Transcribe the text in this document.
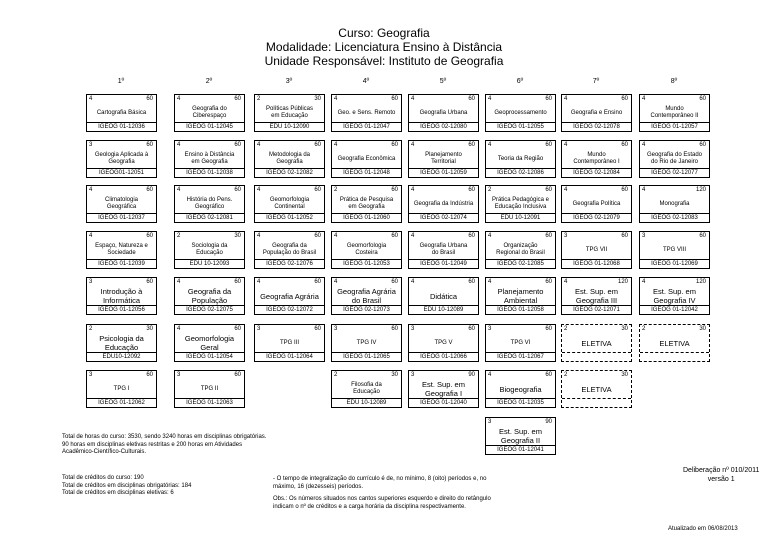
Curso: Geografia
Modalidade: Licenciatura Ensino à Distância
Unidade Responsável: Instituto de Geografia
1º	2º	3º	4º	5º	6º	7º	8º
4	60
Cartografia Básica
IGEOG 01-12036
4	60
Geografia do
Ciberespaço
IGEOG 01-12045
2	30
Políticas Públicas
em Educação
EDU 10-12090
4	60
Geo. e Sens. Remoto
IGEOG 01-12047
4	60
Geografia Urbana
IGEOG 02-12080
4	60
Geoprocessamento
IGEOG 01-12055
4	60
Geografia e Ensino
IGEOG 02-12078
4	60
Mundo
Contemporâneo II
IGEOG 01-12057
3	60
Geologia Aplicada à
Geografia
IGEOG01-12051
4	60
Ensino à Distância
em Geografia
IGEOG 01-12038
4	60
Metodologia da
Geografia
IGEOG 02-12082
4	60
Geografia Econômica
IGEOG 01-12048
4	60
Planejamento
Territorial
IGEOG 01-12059
4	60
Teoria da Região
IGEOG 02-12086
4	60
Mundo
Contemporâneo I
IGEOG 02-12084
4	60
Geografia do Estado
do Rio de Janeiro
IGEOG 02-12077
4	60
Climatologia
Geográfica
IGEOG 01-12037
4	60
História do Pens.
Geográfico
IGEOG 02-12081
4	60
Geomorfologia
Continental
IGEOG 01-12052
2	60
Prática de Pesquisa
em Geografia
IGEOG 01-12060
4	60
Geografia da Indústria
IGEOG 02-12074
2	60
Prática Pedagógica e
Educação Inclusiva
EDU 10-12091
4	60
Geografia Política
IGEOG 02-12079
4	120
Monografia
IGEOG 02-12083
4	60
Espaço, Natureza e
Sociedade
IGEOG 01-12039
2	30
Sociologia da
Educação
EDU 10-12093
4	60
Geografia da
População do Brasil
IGEOG 02-12076
4	60
Geomorfologia
Costeira
IGEOG 01-12053
4	60
Geografia Urbana
do Brasil
IGEOG 01-12049
4	60
Organização
Regional do Brasil
IGEOG 02-12085
3	60
TPG VII
IGEOG 01-12068
3	60
TPG VIII
IGEOG 01-12069
3	60
Introdução à
Informática
IGEOG 01-12056
4	60
Geografia da
População
IGEOG 02-12075
4	60
Geografia Agrária
IGEOG 02-12072
4	60
Geografia Agrária
do Brasil
IGEOG 02-12073
4	60
Didática
EDU 10-12089
4	60
Planejamento
Ambiental
IGEOG 01-12058
4	120
Est. Sup. em
Geografia III
IGEOG 02-12071
4	120
Est. Sup. em
Geografia IV
IGEOG 01-12042
2	30
Psicologia da
Educação
EDU10-12092
4	60
Geomorfologia
Geral
IGEOG 01-12054
3	60
TPG III
IGEOG 01-12064
3	60
TPG IV
IGEOG 01-12065
3	60
TPG V
IGEOG 01-12066
3	60
TPG VI
IGEOG 01-12067
2	30
ELETIVA
2	30
ELETIVA
3	60
TPG I
IGEOG 01-12062
3	60
TPG II
IGEOG 01-12063
2	30
Filosofia da
Educação
EDU 10-12089
3	90
Est. Sup. em
Geografia I
IGEOG 01-12040
4	60
Biogeografia
IGEOG 01-12035
2	30
ELETIVA
3	90
Est. Sup. em
Geografia II
IGEOG 01-12041
Total de horas do curso: 3530, sendo 3240 horas em disciplinas obrigatórias.
90 horas em disciplinas eletivas restritas e 200 horas em Atividades
Acadêmico-Científico-Culturais.
Total de créditos do curso: 190
Total de créditos em disciplinas obrigatórias: 184
Total de créditos em disciplinas eletivas: 6
- O tempo de integralização do currículo é de, no mínimo, 8 (oito) períodos e, no
máximo, 16 (dezesseis) períodos.
Obs.: Os números situados nos cantos superiores esquerdo e direito do retângulo
indicam o nº de créditos e a carga horária da disciplina respectivamente.
Deliberação nº 010/2011
versão 1
Atualizado em 06/08/2013
